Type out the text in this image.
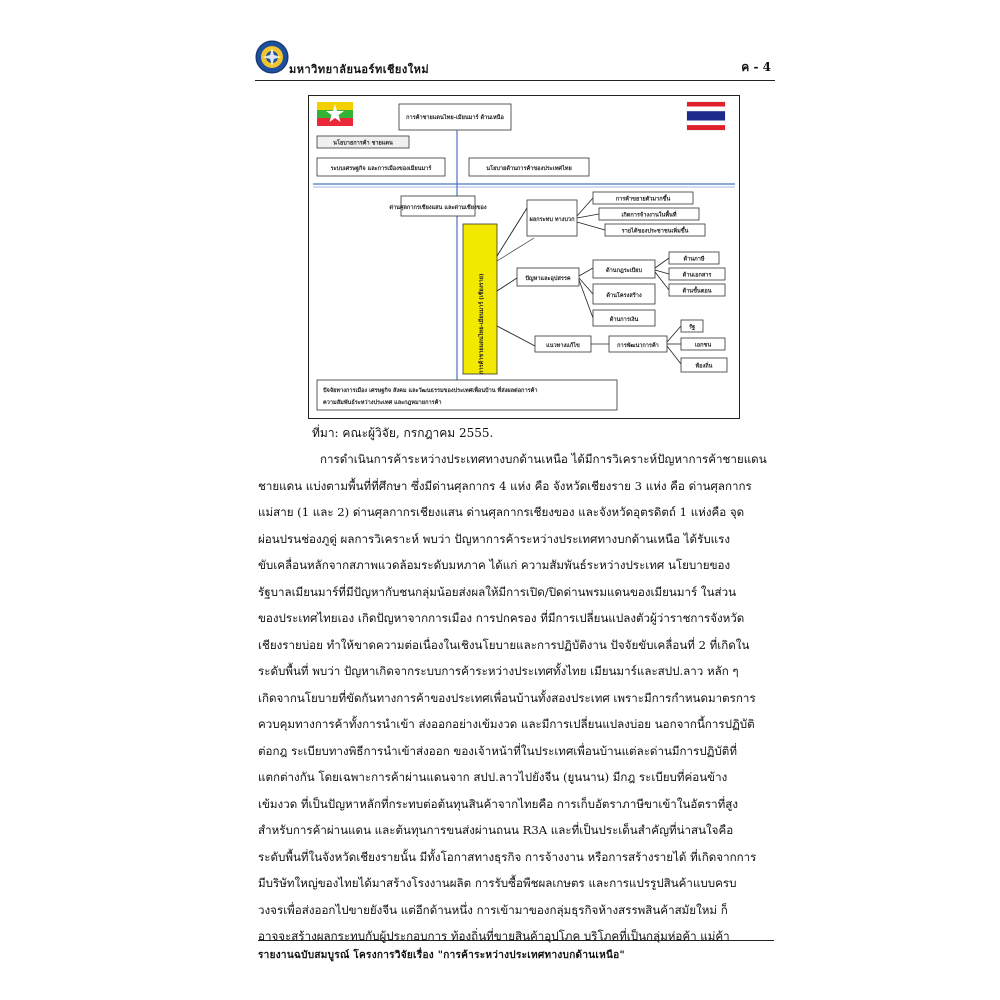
มหาวิทยาลัยนอร์ทเชียงใหม่	ค - 4
การค้าชายแดนไทย-เมียนมาร์ ด้านเหนือ
นโยบายการค้า ชายแดน
ระบบเศรษฐกิจ และการเมืองของเมียนมาร์	นโยบายด้านการค้าของประเทศไทย
ด่านศุลกากรเชียงแสน และด่านเชียงของ
การค้าชายแดนไทย-เมียนมาร์ (เชียงราย)
ผลกระทบ ทางบวก
การค้าขยายตัวมากขึ้น
เกิดการจ้างงานในพื้นที่
รายได้ของประชาชนเพิ่มขึ้น
ปัญหาและอุปสรรค
ด้านกฎระเบียบ
ด้านโครงสร้าง
ด้านการเงิน
ด้านภาษี
ด้านเอกสาร
ด้านขั้นตอน
แนวทางแก้ไข	การพัฒนาการค้า
รัฐ
เอกชน
ท้องถิ่น
ปัจจัยทางการเมือง เศรษฐกิจ สังคม และวัฒนธรรมของประเทศเพื่อนบ้าน ที่ส่งผลต่อการค้า
ความสัมพันธ์ระหว่างประเทศ และกฎหมายการค้า
ที่มา: คณะผู้วิจัย, กรกฎาคม 2555.

การดำเนินการค้าระหว่างประเทศทางบกด้านเหนือ ได้มีการวิเคราะห์ปัญหาการค้าชายแดน

ชายแดน แบ่งตามพื้นที่ที่ศึกษา ซึ่งมีด่านศุลกากร 4 แห่ง คือ จังหวัดเชียงราย 3 แห่ง คือ ด่านศุลกากร

แม่สาย (1 และ 2) ด่านศุลกากรเชียงแสน ด่านศุลกากรเชียงของ และจังหวัดอุตรดิตถ์ 1 แห่งคือ จุด

ผ่อนปรนช่องภูดู่ ผลการวิเคราะห์ พบว่า ปัญหาการค้าระหว่างประเทศทางบกด้านเหนือ ได้รับแรง

ขับเคลื่อนหลักจากสภาพแวดล้อมระดับมหภาค ได้แก่ ความสัมพันธ์ระหว่างประเทศ นโยบายของ

รัฐบาลเมียนมาร์ที่มีปัญหากับชนกลุ่มน้อยส่งผลให้มีการเปิด/ปิดด่านพรมแดนของเมียนมาร์ ในส่วน

ของประเทศไทยเอง เกิดปัญหาจากการเมือง การปกครอง ที่มีการเปลี่ยนแปลงตัวผู้ว่าราชการจังหวัด

เชียงรายบ่อย ทำให้ขาดความต่อเนื่องในเชิงนโยบายและการปฏิบัติงาน ปัจจัยขับเคลื่อนที่ 2 ที่เกิดใน

ระดับพื้นที่ พบว่า ปัญหาเกิดจากระบบการค้าระหว่างประเทศทั้งไทย เมียนมาร์และสปป.ลาว หลัก ๆ

เกิดจากนโยบายที่ขัดกันทางการค้าของประเทศเพื่อนบ้านทั้งสองประเทศ เพราะมีการกำหนดมาตรการ

ควบคุมทางการค้าทั้งการนำเข้า ส่งออกอย่างเข้มงวด และมีการเปลี่ยนแปลงบ่อย นอกจากนี้การปฏิบัติ

ต่อกฎ ระเบียบทางพิธีการนำเข้าส่งออก ของเจ้าหน้าที่ในประเทศเพื่อนบ้านแต่ละด่านมีการปฏิบัติที่

แตกต่างกัน โดยเฉพาะการค้าผ่านแดนจาก สปป.ลาวไปยังจีน (ยูนนาน) มีกฎ ระเบียบที่ค่อนข้าง

เข้มงวด ที่เป็นปัญหาหลักที่กระทบต่อต้นทุนสินค้าจากไทยคือ การเก็บอัตราภาษีขาเข้าในอัตราที่สูง

สำหรับการค้าผ่านแดน และต้นทุนการขนส่งผ่านถนน R3A และที่เป็นประเด็นสำคัญที่น่าสนใจคือ

ระดับพื้นที่ในจังหวัดเชียงรายนั้น มีทั้งโอกาสทางธุรกิจ การจ้างงาน หรือการสร้างรายได้ ที่เกิดจากการ

มีบริษัทใหญ่ของไทยได้มาสร้างโรงงานผลิต การรับซื้อพืชผลเกษตร และการแปรรูปสินค้าแบบครบ

วงจรเพื่อส่งออกไปขายยังจีน แต่อีกด้านหนึ่ง การเข้ามาของกลุ่มธุรกิจห้างสรรพสินค้าสมัยใหม่ ก็

อาจจะสร้างผลกระทบกับผู้ประกอบการ ท้องถิ่นที่ขายสินค้าอุปโภค บริโภคที่เป็นกลุ่มห่อค้า แม่ค้า

รายงานฉบับสมบูรณ์ โครงการวิจัยเรื่อง "การค้าระหว่างประเทศทางบกด้านเหนือ"
